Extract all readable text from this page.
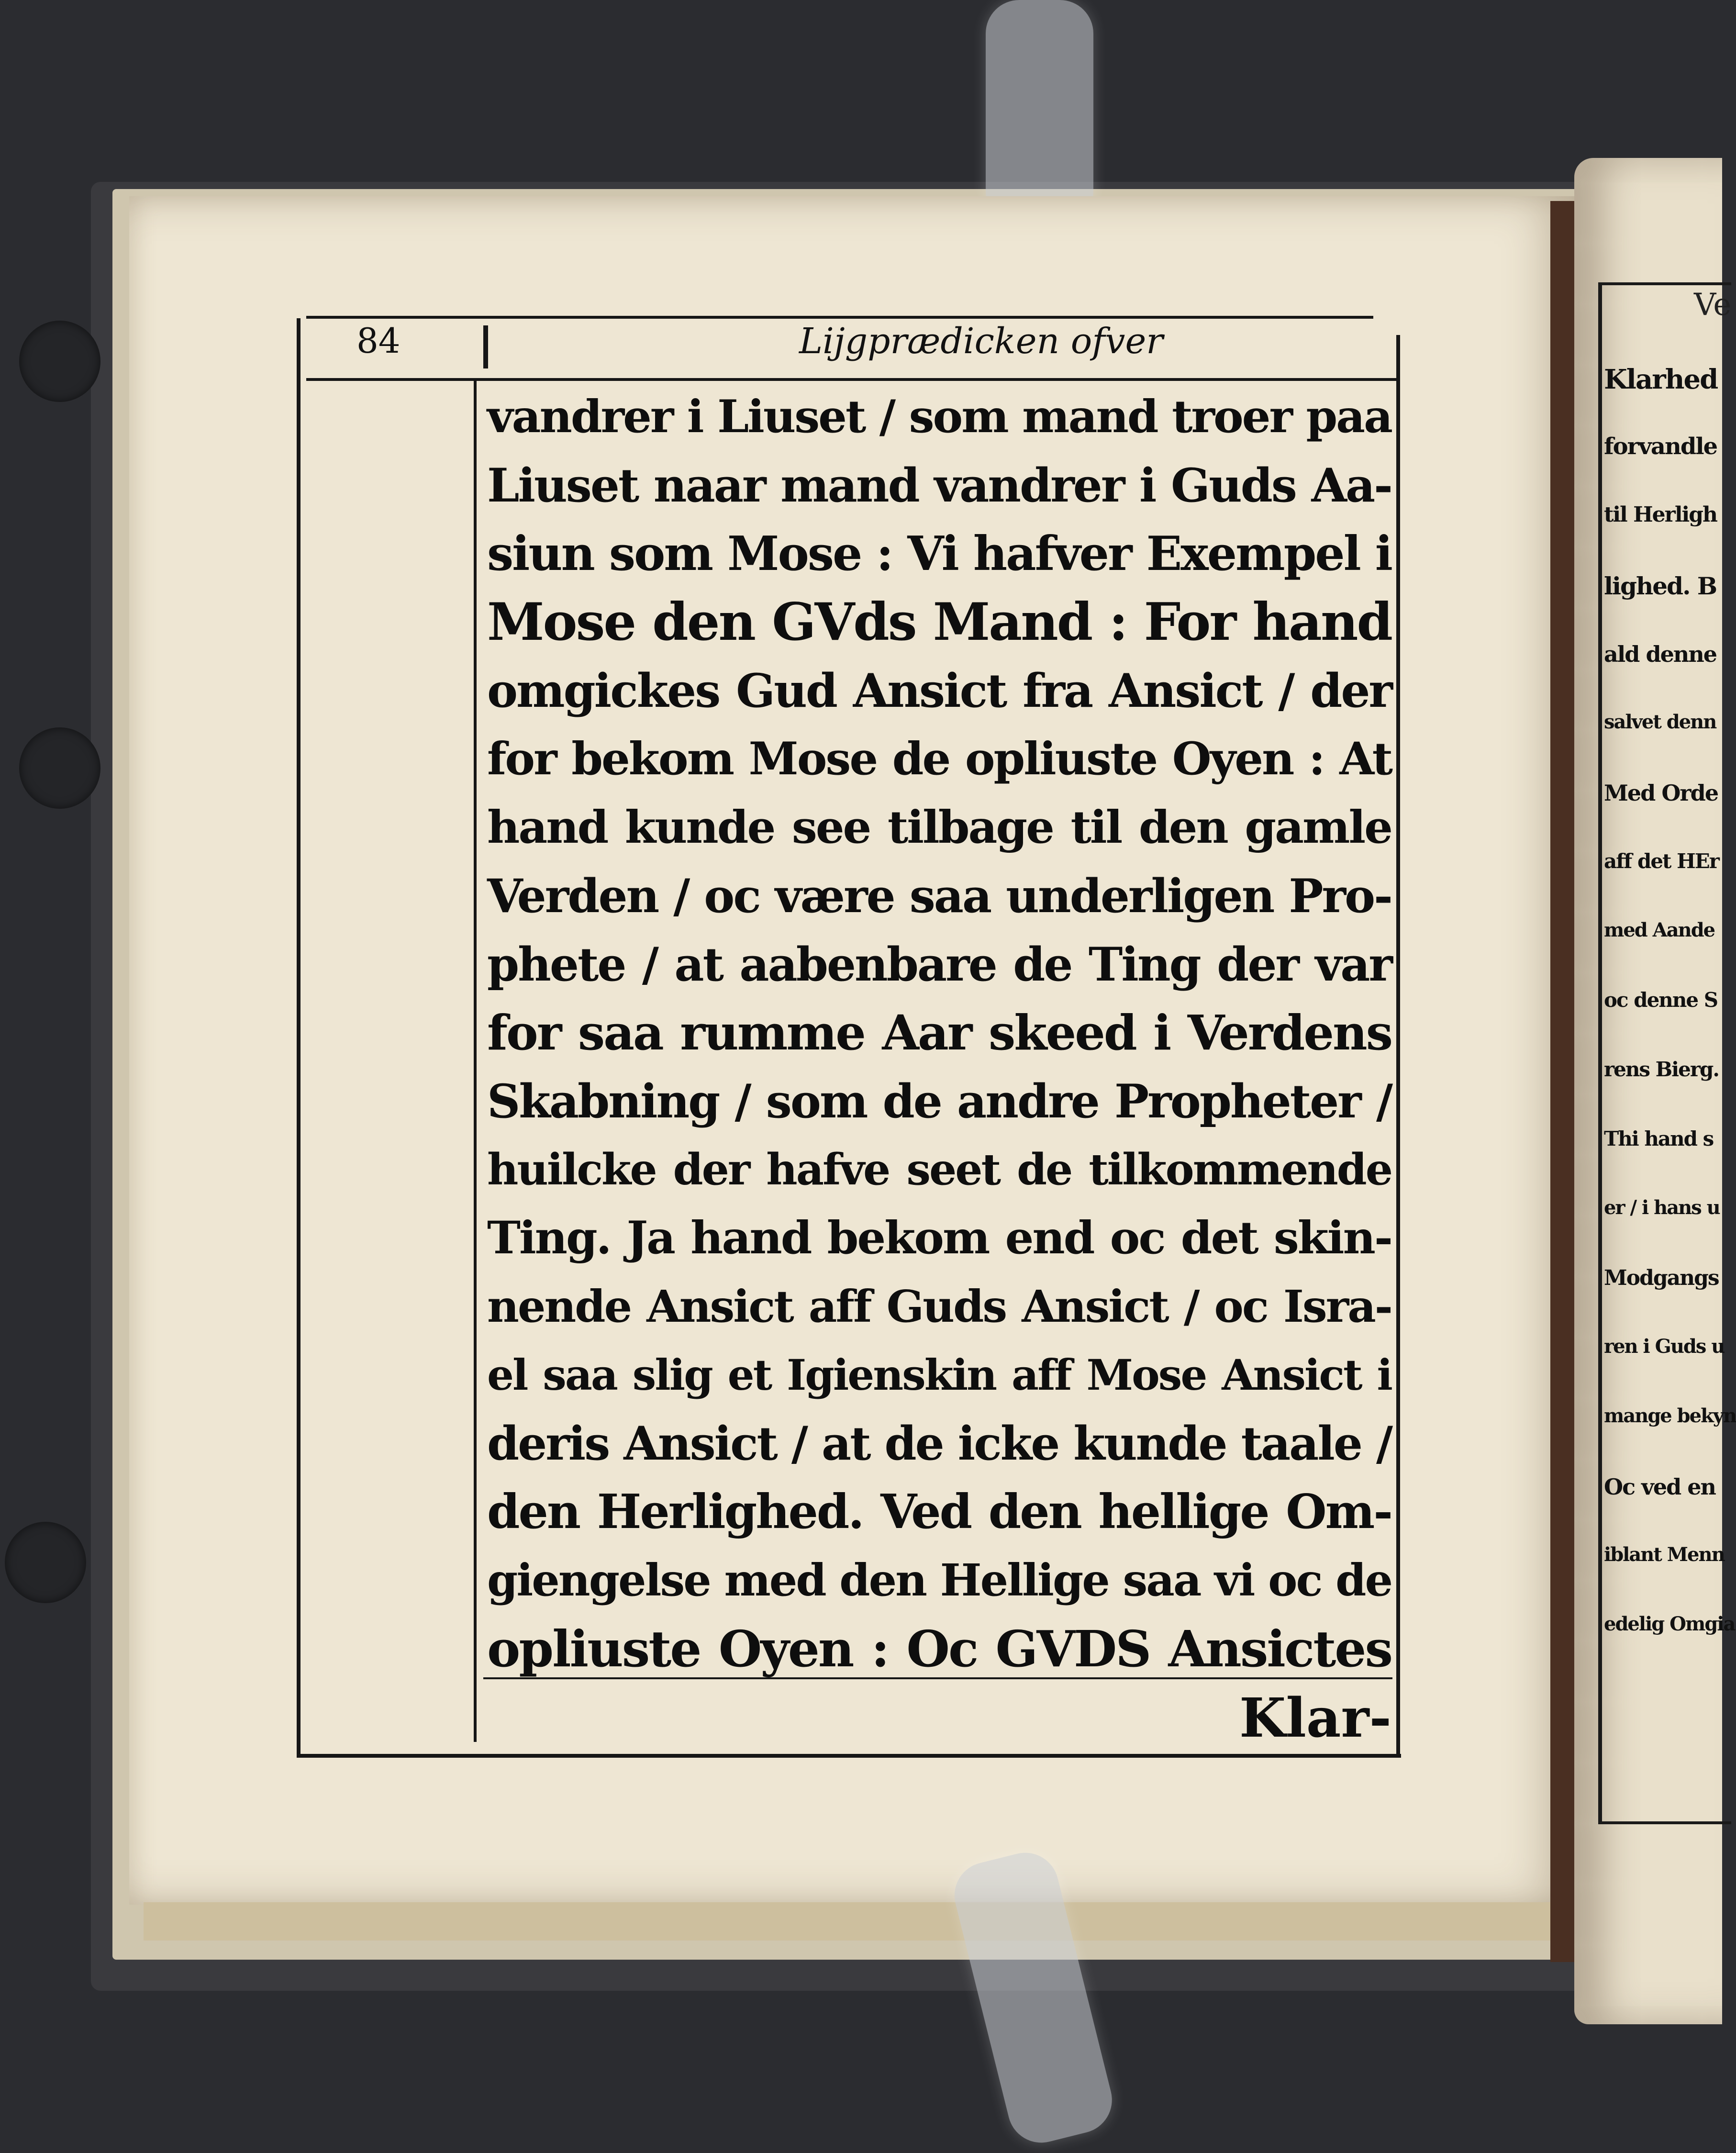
Ve
Klarhed
forvandle
til Herligh
lighed. B
ald denne
salvet denn
Med Orde
aff det HEr
med Aande
oc denne S
rens Bierg.
Thi hand s
er / i hans u
Modgangs
ren i Guds u
mange bekyn
Oc ved en
iblant Menn
edelig Omgia
84	Lijgprædicken ofver
vandrer i Liuset / som mand troer paa
Liuset naar mand vandrer i Guds Aa-
siun som Mose : Vi hafver Exempel i
Mose den GVds Mand : For hand
omgickes Gud Ansict fra Ansict / der
for bekom Mose de opliuste Oyen : At
hand kunde see tilbage til den gamle
Verden / oc være saa underligen Pro-
phete / at aabenbare de Ting der var
for saa rumme Aar skeed i Verdens
Skabning / som de andre Propheter /
huilcke der hafve seet de tilkommende
Ting. Ja hand bekom end oc det skin-
nende Ansict aff Guds Ansict / oc Isra-
el saa slig et Igienskin aff Mose Ansict i
deris Ansict / at de icke kunde taale /
den Herlighed. Ved den hellige Om-
giengelse med den Hellige saa vi oc de
opliuste Oyen : Oc GVDS Ansictes
Klar-
